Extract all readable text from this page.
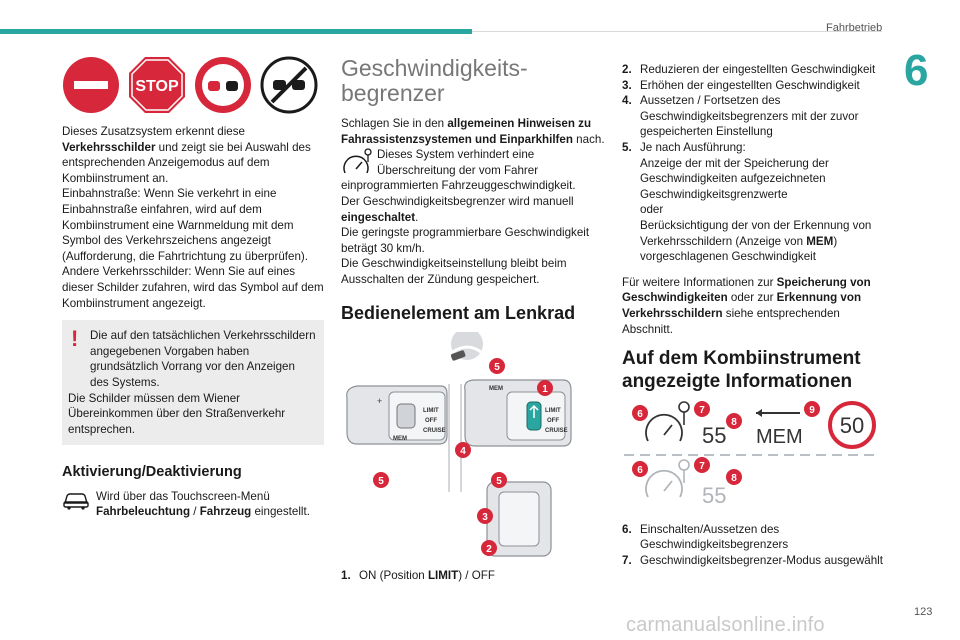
Fahrbetrieb
6
STOP

Dieses Zusatzsystem erkennt diese Verkehrsschilder und zeigt sie bei Auswahl des entsprechenden Anzeigemodus auf dem Kombiinstrument an.

Einbahnstraße: Wenn Sie verkehrt in eine Einbahnstraße einfahren, wird auf dem Kombiinstrument eine Warnmeldung mit dem Symbol des Verkehrszeichens angezeigt (Aufforderung, die Fahrtrichtung zu überprüfen).

Andere Verkehrsschilder: Wenn Sie auf eines dieser Schilder zufahren, wird das Symbol auf dem Kombiinstrument angezeigt.

!	Die auf den tatsächlichen Verkehrsschildern angegebenen Vorgaben haben grundsätzlich Vorrang vor den Anzeigen des Systems.

Die Schilder müssen dem Wiener Übereinkommen über den Straßenverkehr entsprechen.

Aktivierung/Deaktivierung

Wird über das Touchscreen-Menü Fahrbeleuchtung / Fahrzeug eingestellt.

Geschwindigkeits-
begrenzer

Schlagen Sie in den allgemeinen Hinweisen zu Fahrassistenzsystemen und Einparkhilfen nach.

Dieses System verhindert eine Überschreitung der vom Fahrer

einprogrammierten Fahrzeuggeschwindigkeit.

Der Geschwindigkeitsbegrenzer wird manuell eingeschaltet.

Die geringste programmierbare Geschwindigkeit beträgt 30 km/h.

Die Geschwindigkeitseinstellung bleibt beim Ausschalten der Zündung gespeichert.

Bedienelement am Lenkrad
+
LIMIT
OFF
CRUISE
MEM
MEM
LIMIT
OFF
CRUISE
1
2
3
4
5
5	5
1. ON (Position LIMIT) / OFF
2. Reduzieren der eingestellten Geschwindigkeit
3. Erhöhen der eingestellten Geschwindigkeit
4. Aussetzen / Fortsetzen des Geschwindigkeitsbegrenzers mit der zuvor gespeicherten Einstellung
5. Je nach Ausführung:
Anzeige der mit der Speicherung der Geschwindigkeiten aufgezeichneten Geschwindigkeitsgrenzwerte
oder
Berücksichtigung der von der Erkennung von Verkehrsschildern (Anzeige von MEM) vorgeschlagenen Geschwindigkeit

Für weitere Informationen zur Speicherung von Geschwindigkeiten oder zur Erkennung von Verkehrsschildern siehe entsprechenden Abschnitt.

Auf dem Kombiinstrument angezeigte Informationen
55 MEM 50
55
6	7
8
9
6	7
8
6. Einschalten/Aussetzen des Geschwindigkeitsbegrenzers
7. Geschwindigkeitsbegrenzer-Modus ausgewählt
123
carmanualsonline.info
